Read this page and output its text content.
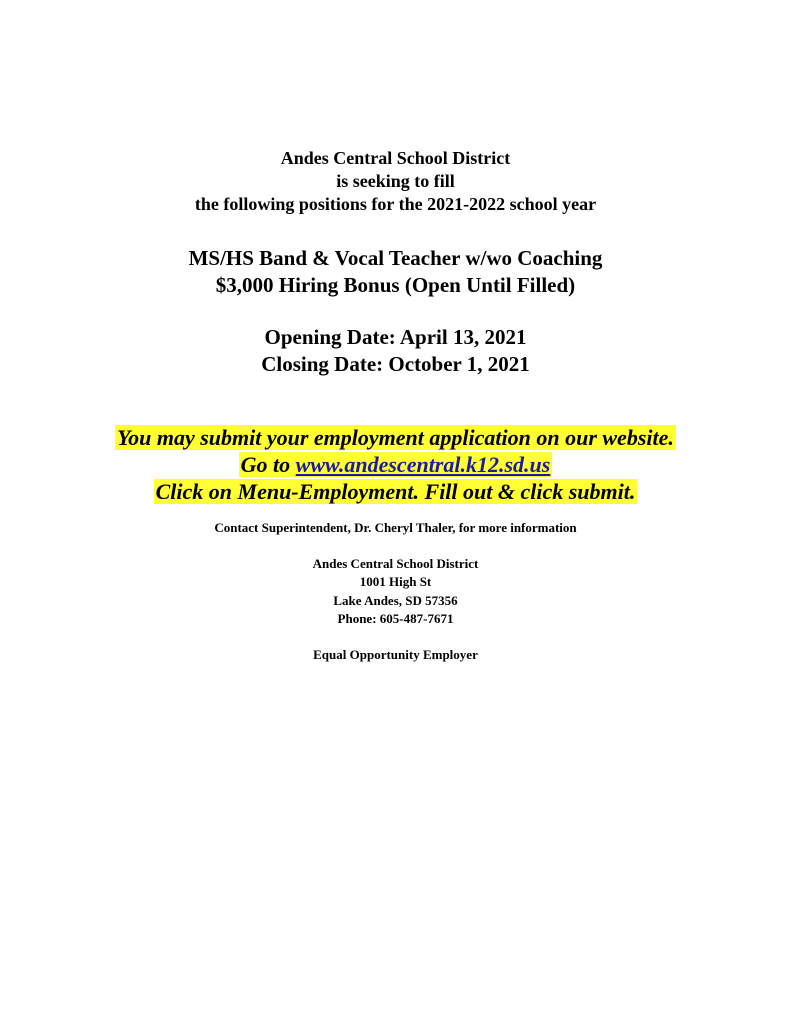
Andes Central School District
is seeking to fill
the following positions for the 2021-2022 school year
MS/HS Band & Vocal Teacher w/wo Coaching
$3,000 Hiring Bonus (Open Until Filled)
Opening Date: April 13, 2021
Closing Date: October 1, 2021
You may submit your employment application on our website.
Go to www.andescentral.k12.sd.us
Click on Menu-Employment. Fill out & click submit.
Contact Superintendent, Dr. Cheryl Thaler, for more information
Andes Central School District
1001 High St
Lake Andes, SD 57356
Phone: 605-487-7671
Equal Opportunity Employer
